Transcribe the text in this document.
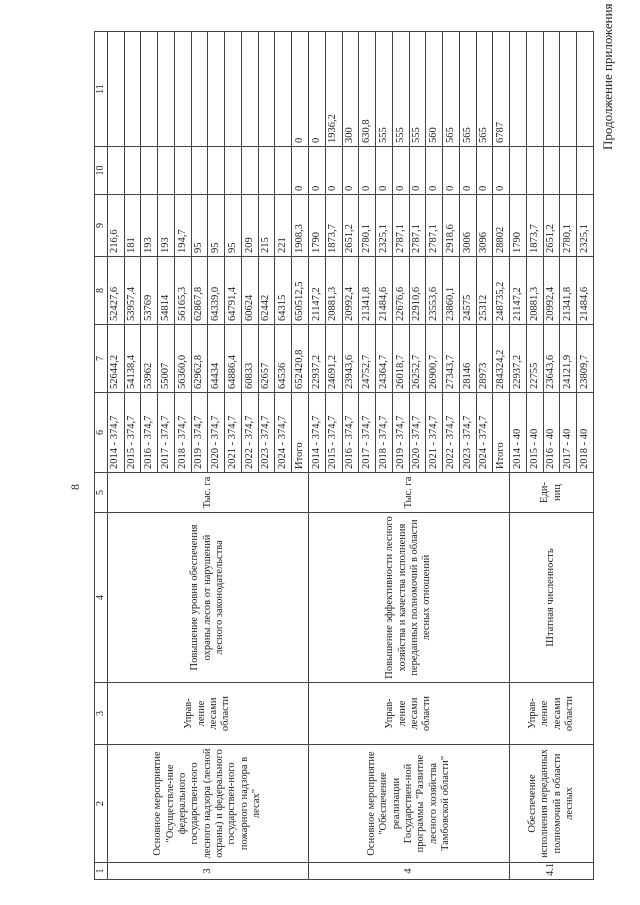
8
Продолжение приложения
1	2	3	4	5	6	7	8	9	10	11
3	Основное мероприятие "Осуществле-ние федерального государствен-ного лесного надзора (лесной охраны) и федерального государствен-ного пожарного надзора в лесах"	Управ-ление лесами области	Повышение уровня обеспечения охраны лесов от нарушений лесного законодательства	Тыс. га	2014 - 374,7	52644,2	52427,6	216,6		
					2015 - 374,7	54138,4	53957,4	181		
					2016 - 374,7	53962	53769	193		
					2017 - 374,7	55007	54814	193		
					2018 - 374,7	56360,0	56165,3	194,7		
					2019 - 374,7	62962,8	62867,8	95		
					2020 - 374,7	64434	64339,0	95		
					2021 - 374,7	64886,4	64791,4	95		
					2022 - 374,7	60833	60624	209		
					2023 - 374,7	62657	62442	215		
					2024 - 374,7	64536	64315	221		
					Итого	652420,8	650512,5	1908,3	0	0
4	Основное мероприятие "Обеспечение реализации Государствен-ной программы "Развитие лесного хозяйства Тамбовской области"	Управ-ление лесами области	Повышение эффективности лесного хозяйства и качества исполнения переданных полномочий в области лесных отношений	Тыс. га	2014 - 374,7	22937,2	21147,2	1790	0	0
					2015 - 374,7	24691,2	20881,3	1873,7	0	1936,2
					2016 - 374,7	23943,6	20992,4	2651,2	0	300
					2017 - 374,7	24752,7	21341,8	2780,1	0	630,8
					2018 - 374,7	24364,7	21484,6	2325,1	0	555
					2019 - 374,7	26018,7	22676,6	2787,1	0	555
					2020 - 374,7	26252,7	22910,6	2787,1	0	555
					2021 - 374,7	26900,7	23553,6	2787,1	0	560
					2022 - 374,7	27343,7	23860,1	2918,6	0	565
					2023 - 374,7	28146	24575	3006	0	565
					2024 - 374,7	28973	25312	3096	0	565
					Итого	284324,2	248735,2	28802	0	6787
4.1	Обеспечение исполнения переданных полномочий в области лесных	Управ-ление лесами области	Штатная численность	Еди-ниц	2014 - 40	22937,2	21147,2	1790		
					2015 - 40	22755	20881,3	1873,7		
					2016 - 40	23643,6	20992,4	2651,2		
					2017 - 40	24121,9	21341,8	2780,1		
					2018 - 40	23809,7	21484,6	2325,1		
